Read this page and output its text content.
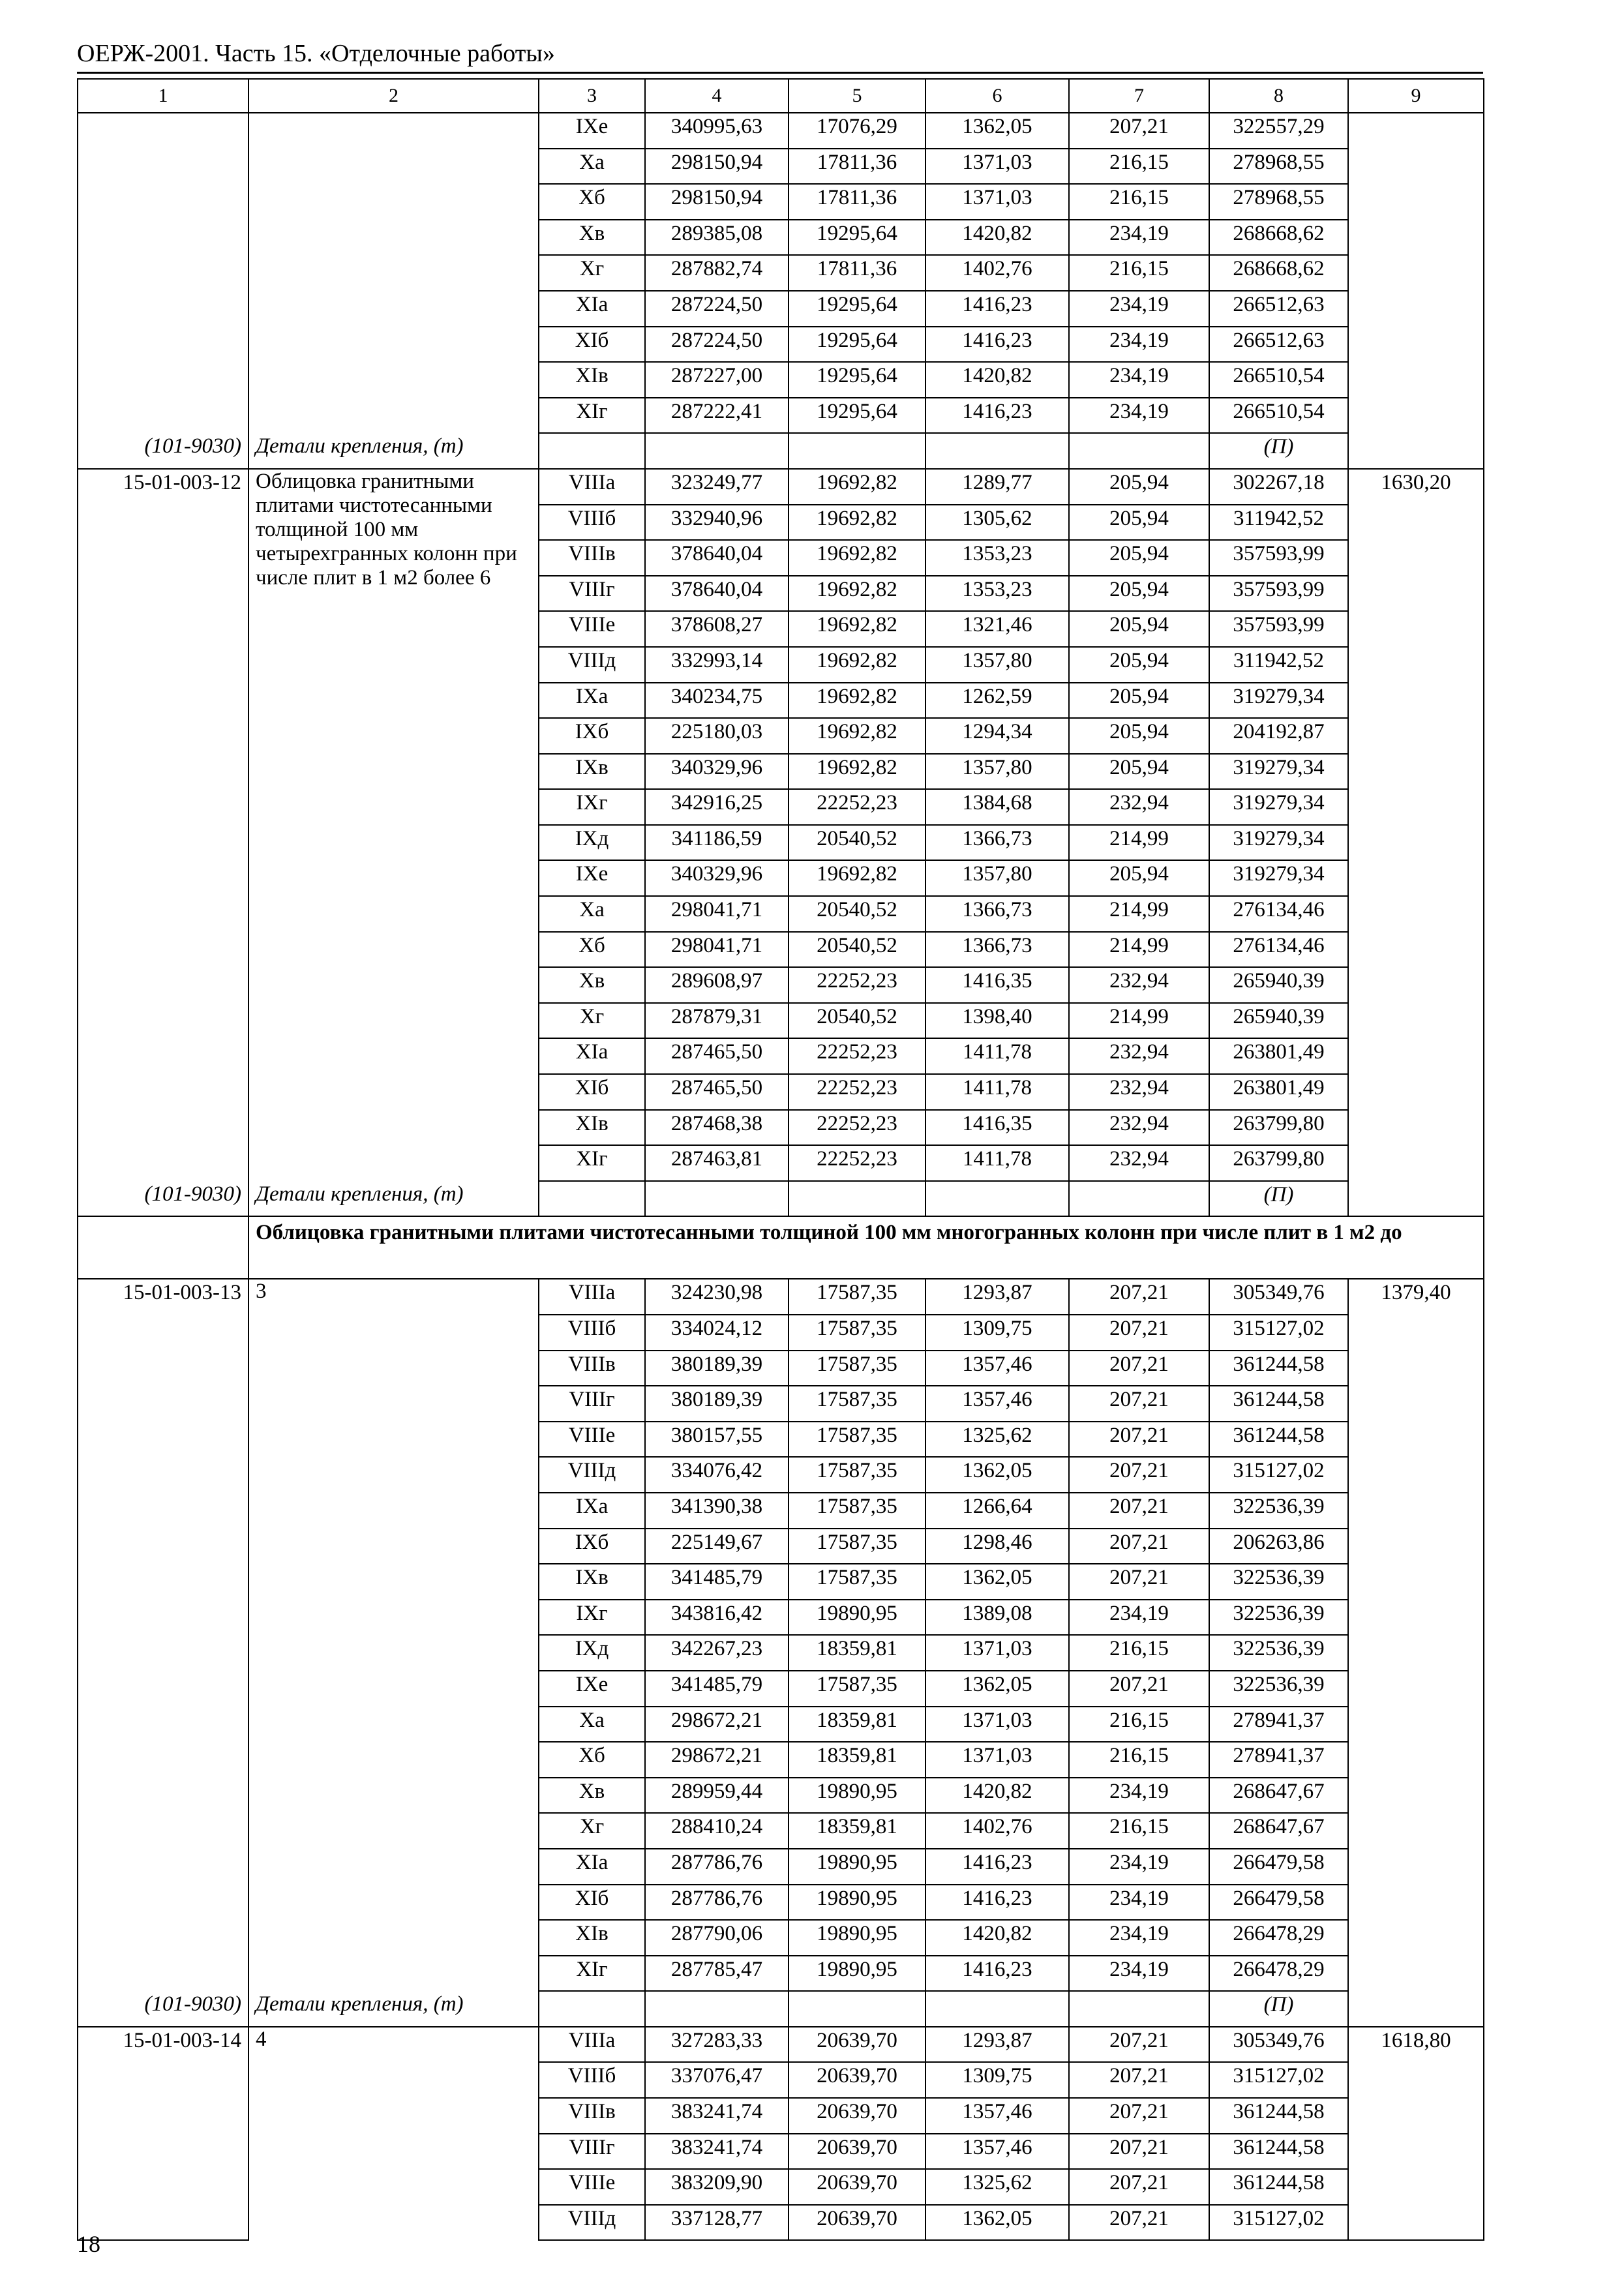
ОЕРЖ-2001. Часть 15. «Отделочные работы»
1	2	3	4	5	6	7	8	9
		IXe	340995,63	17076,29	1362,05	207,21	322557,29	
		Xa	298150,94	17811,36	1371,03	216,15	278968,55	
		Xб	298150,94	17811,36	1371,03	216,15	278968,55	
		Xв	289385,08	19295,64	1420,82	234,19	268668,62	
		Xг	287882,74	17811,36	1402,76	216,15	268668,62	
		XIa	287224,50	19295,64	1416,23	234,19	266512,63	
		XIб	287224,50	19295,64	1416,23	234,19	266512,63	
		XIв	287227,00	19295,64	1420,82	234,19	266510,54	
		XIг	287222,41	19295,64	1416,23	234,19	266510,54	
(101-9030)	Детали крепления, (т)						(П)	
15-01-003-12	Облицовка гранитными плитами чистотесанными толщиной 100 мм четырехгранных колонн при числе плит в 1 м2 более 6	VIIIa	323249,77	19692,82	1289,77	205,94	302267,18	1630,20
		VIIIб	332940,96	19692,82	1305,62	205,94	311942,52	
		VIIIв	378640,04	19692,82	1353,23	205,94	357593,99	
		VIIIг	378640,04	19692,82	1353,23	205,94	357593,99	
		VIIIe	378608,27	19692,82	1321,46	205,94	357593,99	
		VIIIд	332993,14	19692,82	1357,80	205,94	311942,52	
		IXa	340234,75	19692,82	1262,59	205,94	319279,34	
		IXб	225180,03	19692,82	1294,34	205,94	204192,87	
		IXв	340329,96	19692,82	1357,80	205,94	319279,34	
		IXг	342916,25	22252,23	1384,68	232,94	319279,34	
		IXд	341186,59	20540,52	1366,73	214,99	319279,34	
		IXe	340329,96	19692,82	1357,80	205,94	319279,34	
		Xa	298041,71	20540,52	1366,73	214,99	276134,46	
		Xб	298041,71	20540,52	1366,73	214,99	276134,46	
		Xв	289608,97	22252,23	1416,35	232,94	265940,39	
		Xг	287879,31	20540,52	1398,40	214,99	265940,39	
		XIa	287465,50	22252,23	1411,78	232,94	263801,49	
		XIб	287465,50	22252,23	1411,78	232,94	263801,49	
		XIв	287468,38	22252,23	1416,35	232,94	263799,80	
		XIг	287463,81	22252,23	1411,78	232,94	263799,80	
(101-9030)	Детали крепления, (т)						(П)	
	Облицовка гранитными плитами чистотесанными толщиной 100 мм многогранных колонн при числе плит в 1 м2 до							
15-01-003-13	3	VIIIa	324230,98	17587,35	1293,87	207,21	305349,76	1379,40
		VIIIб	334024,12	17587,35	1309,75	207,21	315127,02	
		VIIIв	380189,39	17587,35	1357,46	207,21	361244,58	
		VIIIг	380189,39	17587,35	1357,46	207,21	361244,58	
		VIIIe	380157,55	17587,35	1325,62	207,21	361244,58	
		VIIIд	334076,42	17587,35	1362,05	207,21	315127,02	
		IXa	341390,38	17587,35	1266,64	207,21	322536,39	
		IXб	225149,67	17587,35	1298,46	207,21	206263,86	
		IXв	341485,79	17587,35	1362,05	207,21	322536,39	
		IXг	343816,42	19890,95	1389,08	234,19	322536,39	
		IXд	342267,23	18359,81	1371,03	216,15	322536,39	
		IXe	341485,79	17587,35	1362,05	207,21	322536,39	
		Xa	298672,21	18359,81	1371,03	216,15	278941,37	
		Xб	298672,21	18359,81	1371,03	216,15	278941,37	
		Xв	289959,44	19890,95	1420,82	234,19	268647,67	
		Xг	288410,24	18359,81	1402,76	216,15	268647,67	
		XIa	287786,76	19890,95	1416,23	234,19	266479,58	
		XIб	287786,76	19890,95	1416,23	234,19	266479,58	
		XIв	287790,06	19890,95	1420,82	234,19	266478,29	
		XIг	287785,47	19890,95	1416,23	234,19	266478,29	
(101-9030)	Детали крепления, (т)						(П)	
15-01-003-14	4	VIIIa	327283,33	20639,70	1293,87	207,21	305349,76	1618,80
		VIIIб	337076,47	20639,70	1309,75	207,21	315127,02	
		VIIIв	383241,74	20639,70	1357,46	207,21	361244,58	
		VIIIг	383241,74	20639,70	1357,46	207,21	361244,58	
		VIIIe	383209,90	20639,70	1325,62	207,21	361244,58	
		VIIIд	337128,77	20639,70	1362,05	207,21	315127,02	
18
